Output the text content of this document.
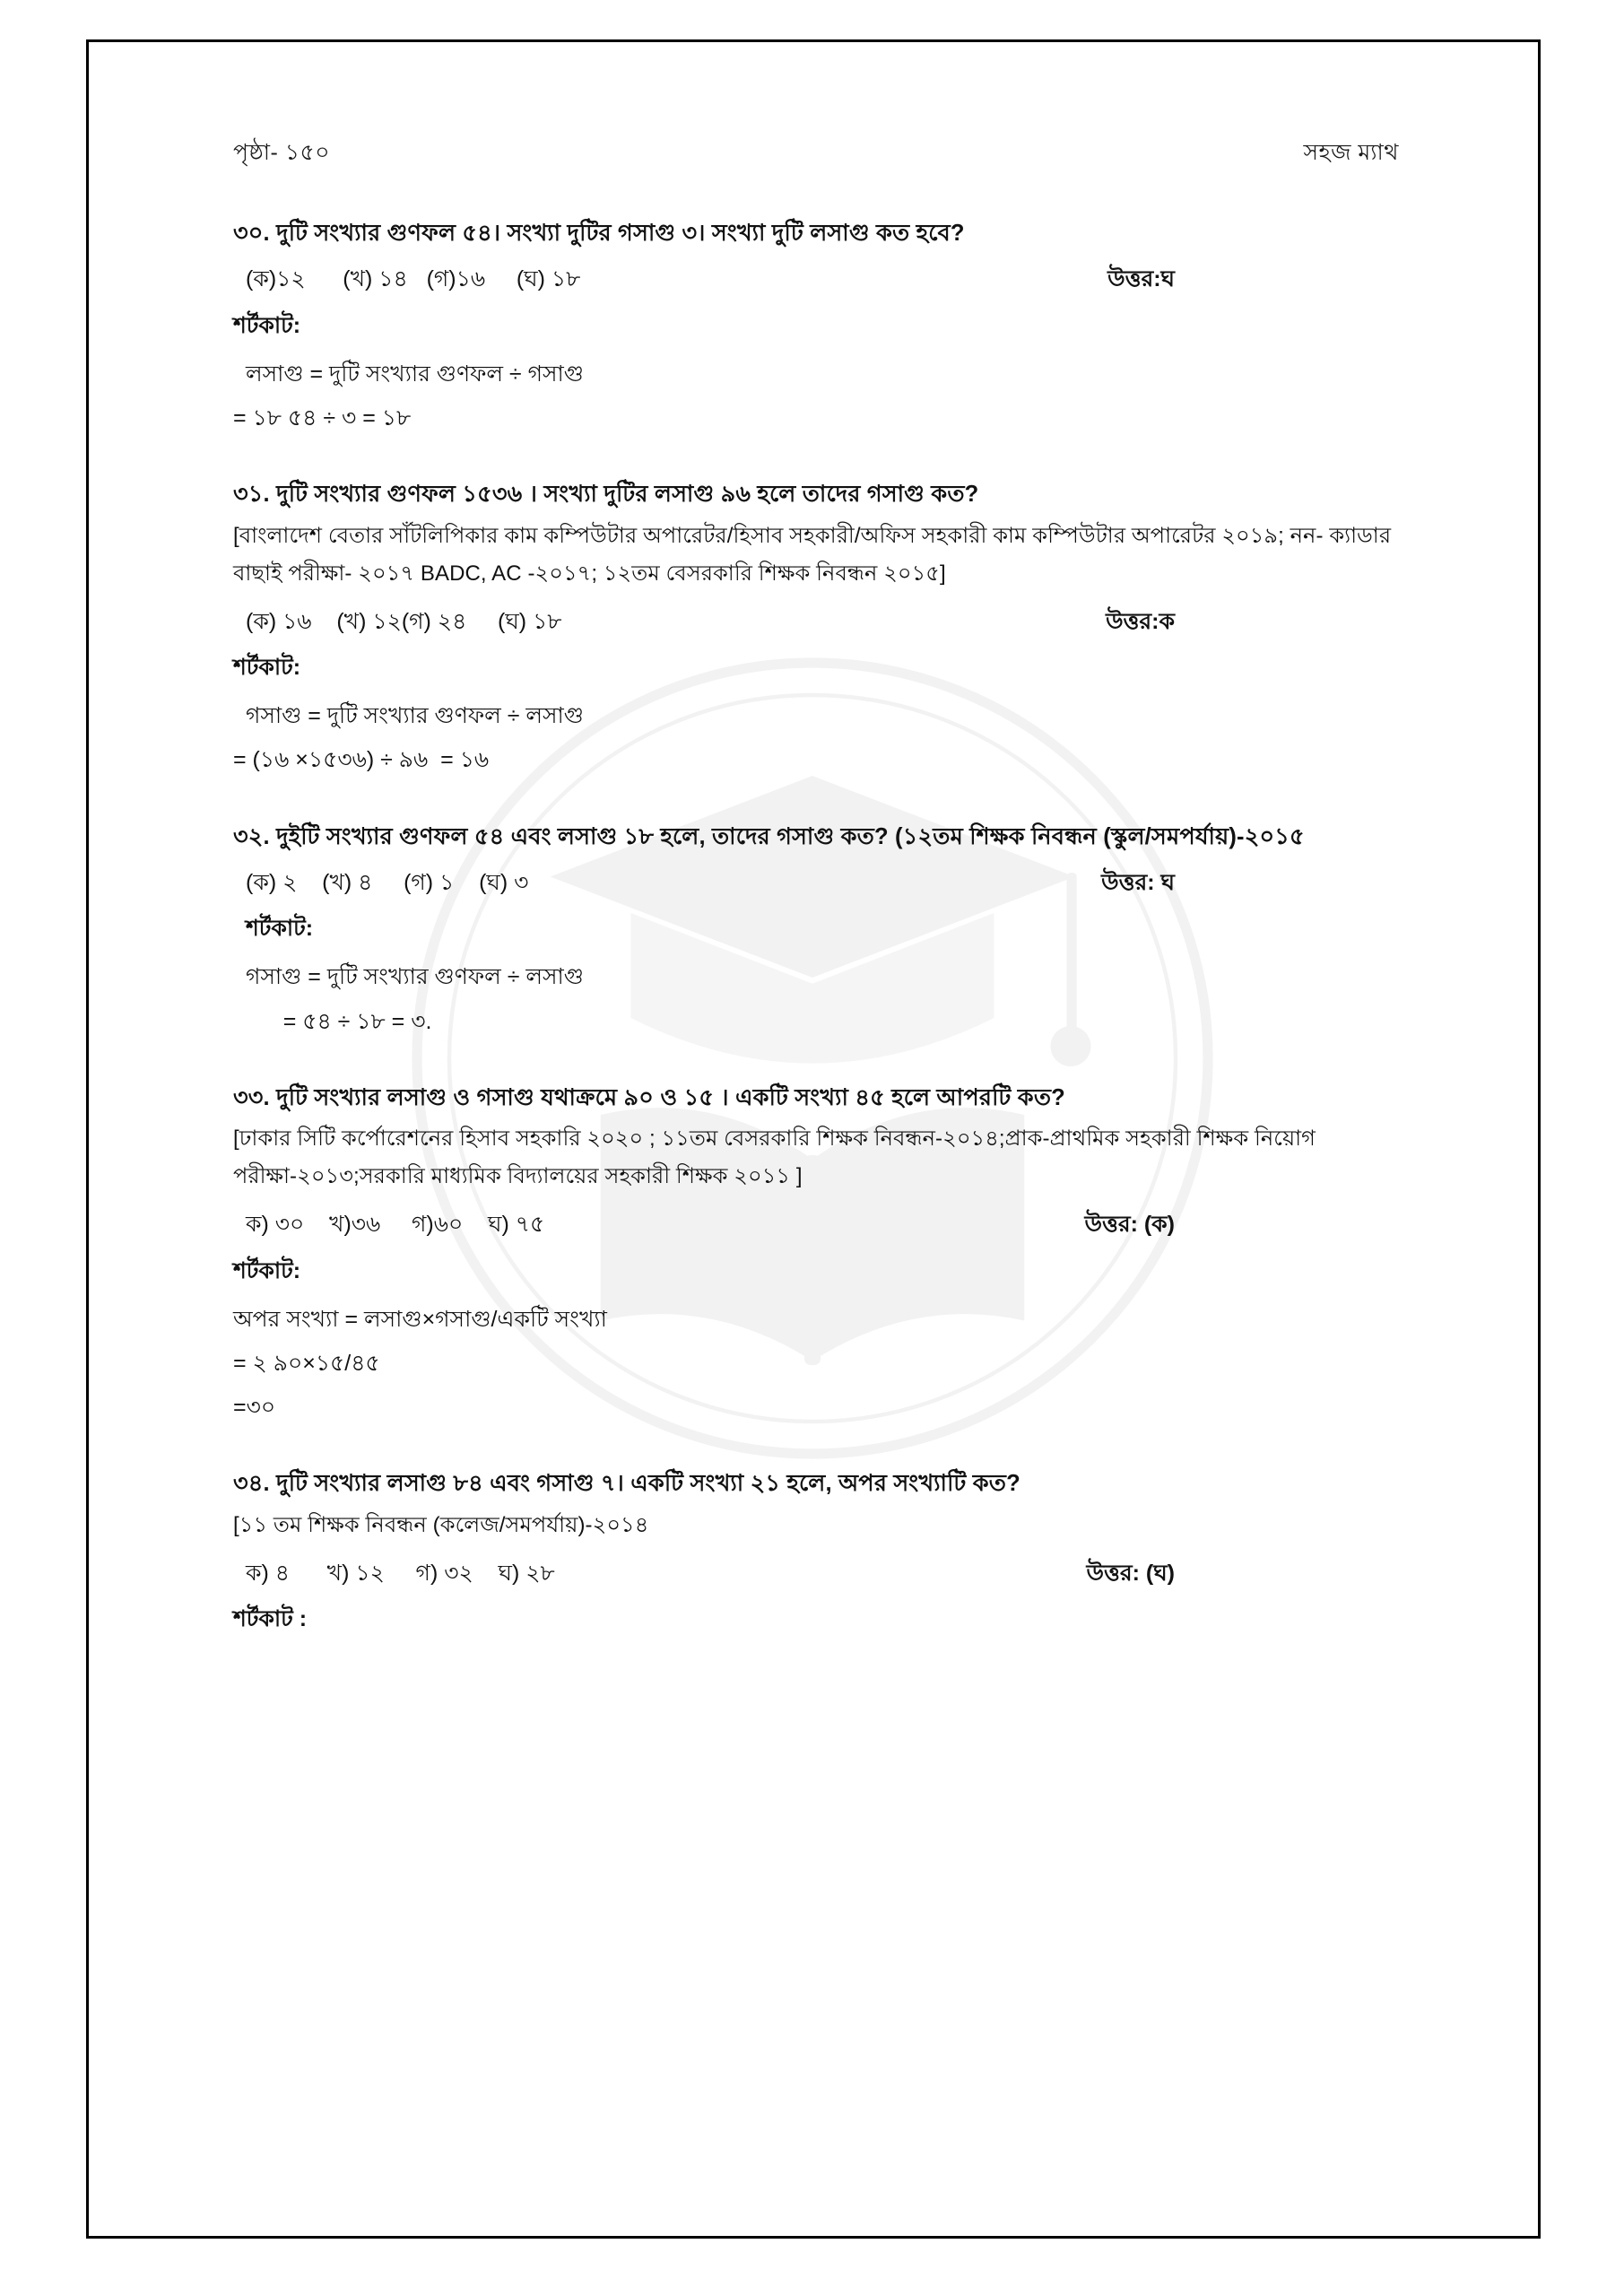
পৃষ্ঠা- ১৫০	সহজ ম্যাথ
৩০. দুটি সংখ্যার গুণফল ৫৪। সংখ্যা দুটির গসাগু ৩। সংখ্যা দুটি লসাগু কত হবে?
(ক)১২      (খ) ১৪   (গ)১৬     (ঘ) ১৮	উত্তর:ঘ
শর্টকাট:
লসাগু = দুটি সংখ্যার গুণফল ÷ গসাগু
= ১৮ ৫৪ ÷ ৩ = ১৮
৩১. দুটি সংখ্যার গুণফল ১৫৩৬ । সংখ্যা দুটির লসাগু ৯৬ হলে তাদের গসাগু কত?
[বাংলাদেশ বেতার সাঁটলিপিকার কাম কম্পিউটার অপারেটর/হিসাব সহকারী/অফিস সহকারী কাম কম্পিউটার অপারেটর ২০১৯; নন- ক্যাডার বাছাই পরীক্ষা- ২০১৭ BADC, AC -২০১৭; ১২তম বেসরকারি শিক্ষক নিবন্ধন ২০১৫]
(ক) ১৬    (খ) ১২(গ) ২৪     (ঘ) ১৮	উত্তর:ক
শর্টকাট:
গসাগু = দুটি সংখ্যার গুণফল ÷ লসাগু
= (১৬ ×১৫৩৬) ÷ ৯৬  = ১৬
৩২. দুইটি সংখ্যার গুণফল ৫৪ এবং লসাগু ১৮ হলে, তাদের গসাগু কত? (১২তম শিক্ষক নিবন্ধন (স্কুল/সমপর্যায়)-২০১৫
(ক) ২    (খ) ৪     (গ) ১    (ঘ) ৩	উত্তর: ঘ
শর্টকাট:
গসাগু = দুটি সংখ্যার গুণফল ÷ লসাগু
= ৫৪ ÷ ১৮ = ৩.
৩৩. দুটি সংখ্যার লসাগু ও গসাগু যথাক্রমে ৯০ ও ১৫ । একটি সংখ্যা ৪৫ হলে আপরটি কত?
[ঢাকার সিটি কর্পোরেশনের হিসাব সহকারি ২০২০ ; ১১তম বেসরকারি শিক্ষক নিবন্ধন-২০১৪;প্রাক-প্রাথমিক সহকারী শিক্ষক নিয়োগ পরীক্ষা-২০১৩;সরকারি মাধ্যমিক বিদ্যালয়ের সহকারী শিক্ষক ২০১১ ]
ক) ৩০    খ)৩৬     গ)৬০    ঘ) ৭৫	উত্তর: (ক)
শর্টকাট:
অপর সংখ্যা = লসাগু×গসাগু/একটি সংখ্যা
= ২ ৯০×১৫/৪৫
=৩০
৩৪. দুটি সংখ্যার লসাগু ৮৪ এবং গসাগু ৭। একটি সংখ্যা ২১ হলে, অপর সংখ্যাটি কত?
[১১ তম শিক্ষক নিবন্ধন (কলেজ/সমপর্যায়)-২০১৪
ক) ৪      খ) ১২     গ) ৩২    ঘ) ২৮	উত্তর: (ঘ)
শর্টকাট :
